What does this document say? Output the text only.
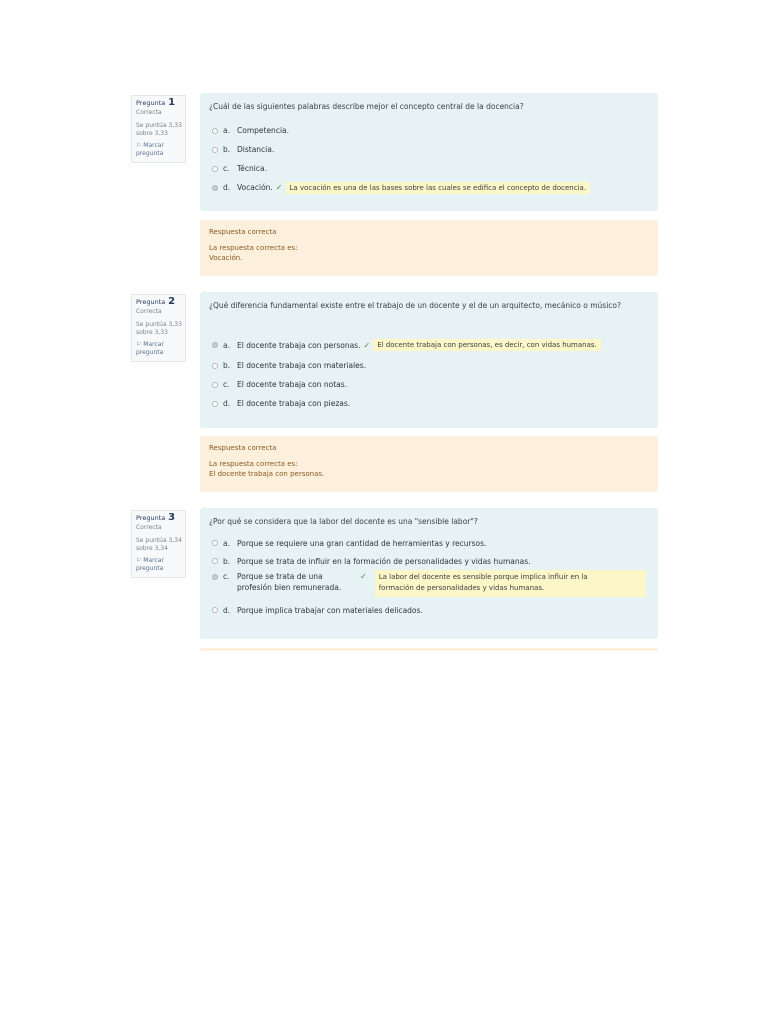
Pregunta 1
Correcta
Se puntúa 3,33 sobre 3,33
⚐ Marcar pregunta
¿Cuál de las siguientes palabras describe mejor el concepto central de la docencia?
a. Competencia.
b. Distancia.
c. Técnica.
d. Vocación. ✓	La vocación es una de las bases sobre las cuales se edifica el concepto de docencia.
Respuesta correcta
La respuesta correcta es:
Vocación.
Pregunta 2
Correcta
Se puntúa 3,33 sobre 3,33
⚐ Marcar pregunta
¿Qué diferencia fundamental existe entre el trabajo de un docente y el de un arquitecto, mecánico o músico?
a. El docente trabaja con personas. ✓	El docente trabaja con personas, es decir, con vidas humanas.
b. El docente trabaja con materiales.
c. El docente trabaja con notas.
d. El docente trabaja con piezas.
Respuesta correcta
La respuesta correcta es:
El docente trabaja con personas.
Pregunta 3
Correcta
Se puntúa 3,34 sobre 3,34
⚐ Marcar pregunta
¿Por qué se considera que la labor del docente es una "sensible labor"?
a. Porque se requiere una gran cantidad de herramientas y recursos.
b. Porque se trata de influir en la formación de personalidades y vidas humanas.
c. Porque se trata de una
profesión bien remunerada.
✓ La labor del docente es sensible porque implica influir en la
formación de personalidades y vidas humanas.
d. Porque implica trabajar con materiales delicados.
